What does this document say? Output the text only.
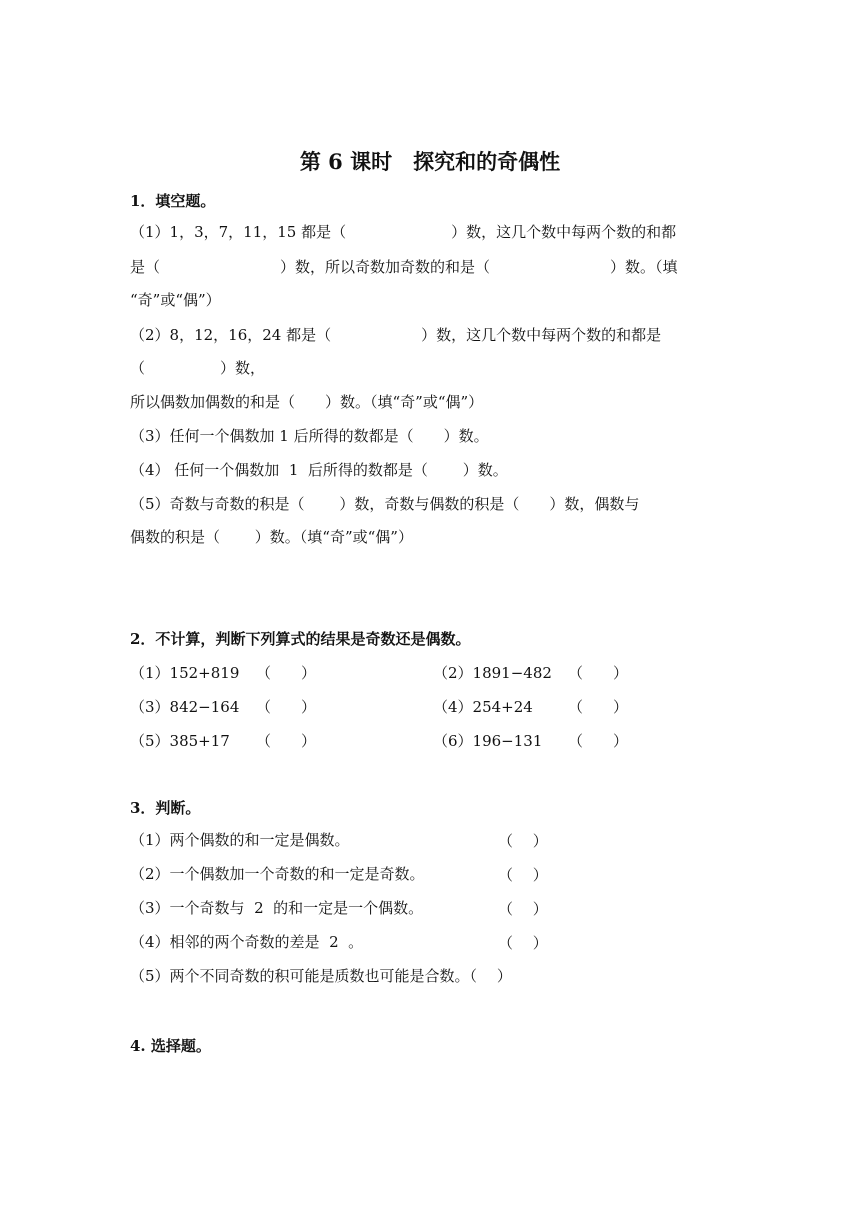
第 6 课时　探究和的奇偶性
1．填空题。
（1）1，3，7，11，15 都是（　　　　　　　）数，这几个数中每两个数的和都
是（　　　　　　　　）数，所以奇数加奇数的和是（　　　　　　　　）数。（填
“奇”或“偶”）
（2）8，12，16，24 都是（　　　　　　）数，这几个数中每两个数的和都是
（　　　　　）数，
所以偶数加偶数的和是（　　）数。（填“奇”或“偶”）
（3）任何一个偶数加 1 后所得的数都是（　　）数。
（4） 任何一个偶数加  1  后所得的数都是（　　 ）数。
（5）奇数与奇数的积是（　　 ）数，奇数与偶数的积是（　　）数，偶数与
偶数的积是（　　 ）数。（填“奇”或“偶”）
2．不计算，判断下列算式的结果是奇数还是偶数。
（1）152+819 （　　）	（2）1891−482 （　　）
（3）842−164 （　　）	（4）254+24 （　　）
（5）385+17 （　　）	（6）196−131 （　　）
3．判断。
（1）两个偶数的和一定是偶数。	（　 ）
（2）一个偶数加一个奇数的和一定是奇数。	（　 ）
（3）一个奇数与  2  的和一定是一个偶数。	（　 ）
（4）相邻的两个奇数的差是  2  。	（　 ）
（5）两个不同奇数的积可能是质数也可能是合数。（　 ）
4. 选择题。
